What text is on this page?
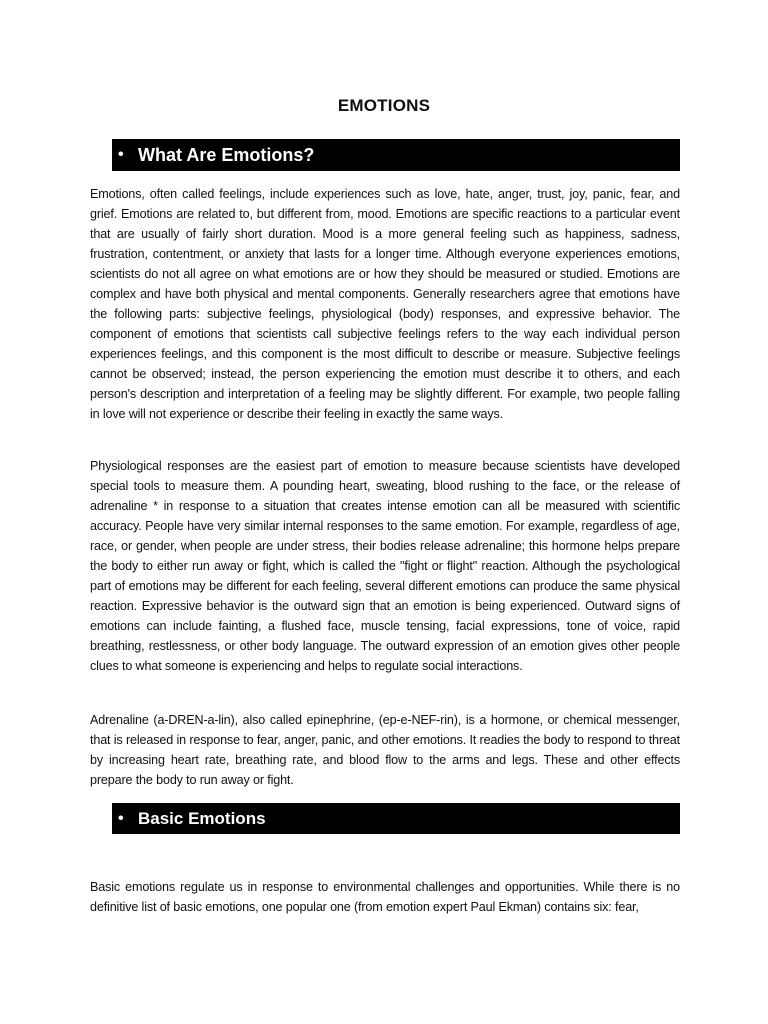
EMOTIONS
• What Are Emotions?

Emotions, often called feelings, include experiences such as love, hate, anger, trust, joy, panic, fear, and grief. Emotions are related to, but different from, mood. Emotions are specific reactions to a particular event that are usually of fairly short duration. Mood is a more general feeling such as happiness, sadness, frustration, contentment, or anxiety that lasts for a longer time. Although everyone experiences emotions, scientists do not all agree on what emotions are or how they should be measured or studied. Emotions are complex and have both physical and mental components. Generally researchers agree that emotions have the following parts: subjective feelings, physiological (body) responses, and expressive behavior. The component of emotions that scientists call subjective feelings refers to the way each individual person experiences feelings, and this component is the most difficult to describe or measure. Subjective feelings cannot be observed; instead, the person experiencing the emotion must describe it to others, and each person's description and interpretation of a feeling may be slightly different. For example, two people falling in love will not experience or describe their feeling in exactly the same ways.

Physiological responses are the easiest part of emotion to measure because scientists have developed special tools to measure them. A pounding heart, sweating, blood rushing to the face, or the release of adrenaline * in response to a situation that creates intense emotion can all be measured with scientific accuracy. People have very similar internal responses to the same emotion. For example, regardless of age, race, or gender, when people are under stress, their bodies release adrenaline; this hormone helps prepare the body to either run away or fight, which is called the "fight or flight" reaction. Although the psychological part of emotions may be different for each feeling, several different emotions can produce the same physical reaction. Expressive behavior is the outward sign that an emotion is being experienced. Outward signs of emotions can include fainting, a flushed face, muscle tensing, facial expressions, tone of voice, rapid breathing, restlessness, or other body language. The outward expression of an emotion gives other people clues to what someone is experiencing and helps to regulate social interactions.

Adrenaline (a-DREN-a-lin), also called epinephrine, (ep-e-NEF-rin), is a hormone, or chemical messenger, that is released in response to fear, anger, panic, and other emotions. It readies the body to respond to threat by increasing heart rate, breathing rate, and blood flow to the arms and legs. These and other effects prepare the body to run away or fight.

• Basic Emotions

Basic emotions regulate us in response to environmental challenges and opportunities. While there is no definitive list of basic emotions, one popular one (from emotion expert Paul Ekman) contains six: fear,
